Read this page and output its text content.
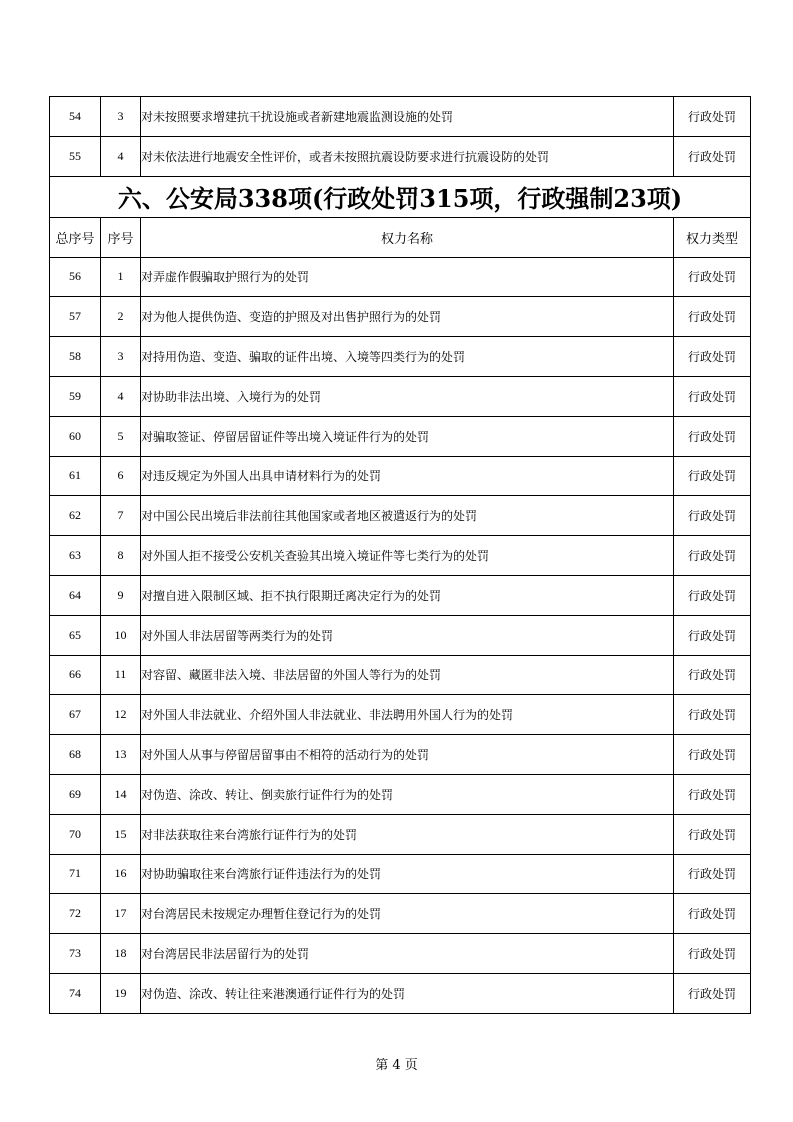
54	3	对未按照要求增建抗干扰设施或者新建地震监测设施的处罚	行政处罚
55	4	对未依法进行地震安全性评价，或者未按照抗震设防要求进行抗震设防的处罚	行政处罚
六、公安局338项(行政处罚315项，行政强制23项)			
总序号	序号	权力名称	权力类型
56	1	对弄虚作假骗取护照行为的处罚	行政处罚
57	2	对为他人提供伪造、变造的护照及对出售护照行为的处罚	行政处罚
58	3	对持用伪造、变造、骗取的证件出境、入境等四类行为的处罚	行政处罚
59	4	对协助非法出境、入境行为的处罚	行政处罚
60	5	对骗取签证、停留居留证件等出境入境证件行为的处罚	行政处罚
61	6	对违反规定为外国人出具申请材料行为的处罚	行政处罚
62	7	对中国公民出境后非法前往其他国家或者地区被遣返行为的处罚	行政处罚
63	8	对外国人拒不接受公安机关查验其出境入境证件等七类行为的处罚	行政处罚
64	9	对擅自进入限制区域、拒不执行限期迁离决定行为的处罚	行政处罚
65	10	对外国人非法居留等两类行为的处罚	行政处罚
66	11	对容留、藏匿非法入境、非法居留的外国人等行为的处罚	行政处罚
67	12	对外国人非法就业、介绍外国人非法就业、非法聘用外国人行为的处罚	行政处罚
68	13	对外国人从事与停留居留事由不相符的活动行为的处罚	行政处罚
69	14	对伪造、涂改、转让、倒卖旅行证件行为的处罚	行政处罚
70	15	对非法获取往来台湾旅行证件行为的处罚	行政处罚
71	16	对协助骗取往来台湾旅行证件违法行为的处罚	行政处罚
72	17	对台湾居民未按规定办理暂住登记行为的处罚	行政处罚
73	18	对台湾居民非法居留行为的处罚	行政处罚
74	19	对伪造、涂改、转让往来港澳通行证件行为的处罚	行政处罚
第 4 页
